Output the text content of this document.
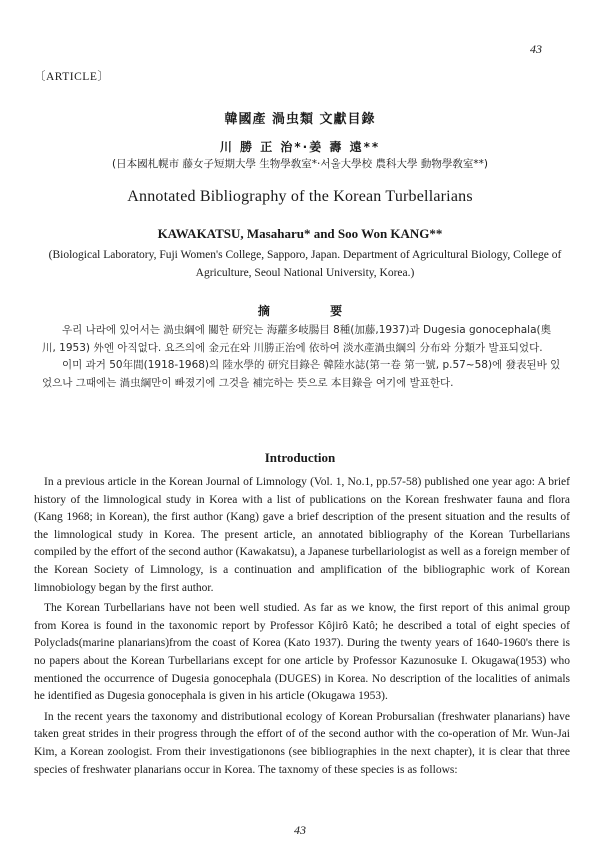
43
〔ARTICLE〕
韓國產 渦虫類 文獻目錄
川 勝 正 治*·姜 壽 遠**
(日本國札幌市 藤女子短期大學 生物學敎室*·서울大學校 農科大學 動物學敎室**)
Annotated Bibliography of the Korean Turbellarians
KAWAKATSU, Masaharu* and Soo Won KANG**
(Biological Laboratory, Fuji Women's College, Sapporo, Japan. Department of Agricultural Biology, College of Agriculture, Seoul National University, Korea.)
摘 要

우리 나라에 있어서는 渦虫綱에 關한 研究는 海蘿多岐腸目 8種(加藤,1937)과 Dugesia gonocephala(奧川, 1953) 外엔 아직없다. 요즈의에 金元在와 川勝正治에 依하여 淡水產渦虫綱의 分布와 分類가 발표되었다.

이미 과거 50年間(1918-1968)의 陸水學的 研究目錄은 韓陸水誌(第一卷 第一號, p.57~58)에 發表된바 있었으나 그때에는 渦虫綱만이 빠졌기에 그것을 補完하는 뜻으로 本目錄을 여기에 발표한다.

Introduction

In a previous article in the Korean Journal of Limnology (Vol. 1, No.1, pp.57-58) published one year ago: A brief history of the limnological study in Korea with a list of publications on the Korean freshwater fauna and flora (Kang 1968; in Korean), the first author (Kang) gave a brief description of the present situation and the results of the limnological study in Korea. The present article, an annotated bibliography of the Korean Turbellarians compiled by the effort of the second author (Kawakatsu), a Japanese turbellariologist as well as a foreign member of the Korean Society of Limnology, is a continuation and amplification of the bibliographic work of Korean limnobiology began by the first author.

The Korean Turbellarians have not been well studied. As far as we know, the first report of this animal group from Korea is found in the taxonomic report by Professor Kôjirô Katô; he described a total of eight species of Polyclads(marine planarians)from the coast of Korea (Kato 1937). During the twenty years of 1640-1960's there is no papers about the Korean Turbellarians except for one article by Professor Kazunosuke I. Okugawa(1953) who mentioned the occurrence of Dugesia gonocephala (DUGES) in Korea. No description of the localities of animals he identified as Dugesia gonocephala is given in his article (Okugawa 1953).

In the recent years the taxonomy and distributional ecology of Korean Probursalian (freshwater planarians) have taken great strides in their progress through the effort of of the second author with the co-operation of Mr. Wun-Jai Kim, a Korean zoologist. From their investigationons (see bibliographies in the next chapter), it is clear that three species of freshwater planarians occur in Korea. The taxnomy of these species is as follows:

43
